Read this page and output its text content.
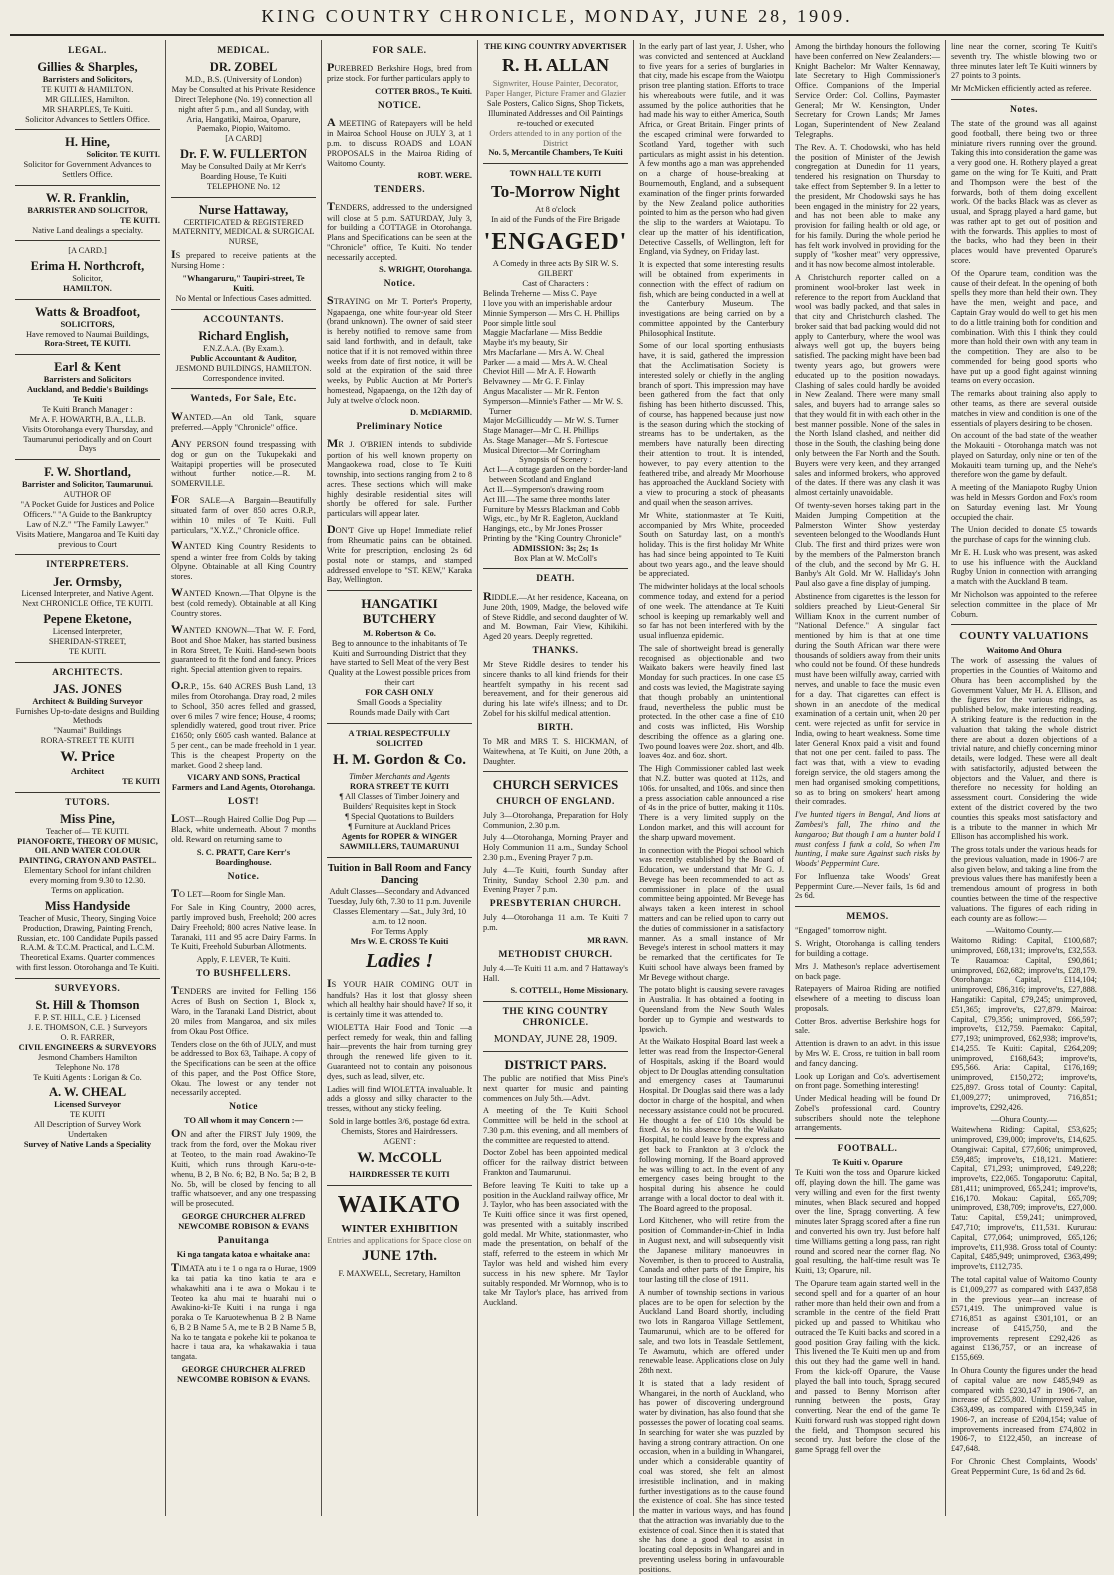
KING COUNTRY CHRONICLE, MONDAY, JUNE 28, 1909.
LEGAL.
Gillies & Sharples,
Barristers and Solicitors,
TE KUITI & HAMILTON.
MR GILLIES, Hamilton.
MR SHARPLES, Te Kuiti.
Solicitor Advances to Settlers Office.
H. Hine,
Solicitor. TE KUITI.
Solicitor for Government Advances to Settlers Office.
W. R. Franklin,
BARRISTER AND SOLICITOR,
TE KUITI.
Native Land dealings a specialty.
[A CARD.]
Erima H. Northcroft,
Solicitor,
HAMILTON.
Watts & Broadfoot,
SOLICITORS,
Have removed to Naumai Buildings,
Rora-Street, TE KUITI.
Earl & Kent
Barristers and Solicitors
Auckland, and Beddie's Buildings
Te Kuiti
Te Kuiti Branch Manager :
Mr A. F. HOWARTH, B.A., LL.B.
Visits Otorohanga every Thursday, and Taumarunui periodically and on Court Days
F. W. Shortland,
Barrister and Solicitor, Taumarunui.
AUTHOR OF
"A Pocket Guide for Justices and Police Officers." "A Guide to the Bankruptcy Law of N.Z." "The Family Lawyer."
Visits Matiere, Mangaroa and Te Kuiti day previous to Court
INTERPRETERS.
Jer. Ormsby,
Licensed Interpreter, and Native Agent.
Next CHRONICLE Office, TE KUITI.
Pepene Eketone,
Licensed Interpreter,
SHERIDAN-STREET,
TE KUITI.
ARCHITECTS.
JAS. JONES
Architect & Building Surveyor
Furnishes Up-to-date designs and Building Methods
"Naumai" Buildings
RORA-STREET TE KUITI
W. Price
Architect
TE KUITI
TUTORS.
Miss Pine,
Teacher of— TE KUITI.
PIANOFORTE, THEORY OF MUSIC, OIL AND WATER COLOUR PAINTING, CRAYON AND PASTEL.
Elementary School for infant children every morning from 9.30 to 12.30.
Terms on application.
Miss Handyside
Teacher of Music, Theory, Singing Voice Production, Drawing, Painting French, Russian, etc. 100 Candidate Pupils passed R.A.M. & T.C.M. Practical, and L.C.M. Theoretical Exams. Quarter commences with first lesson. Otorohanga and Te Kuiti.
SURVEYORS.
St. Hill & Thomson
F. P. ST. HILL, C.E. } Licensed
J. E. THOMSON, C.E. } Surveyors
O. R. FARRER,
CIVIL ENGINEERS & SURVEYORS
Jesmond Chambers Hamilton
Telephone No. 178
Te Kuiti Agents : Lorigan & Co.
A. W. CHEAL
Licensed Surveyor
TE KUITI
All Description of Survey Work Undertaken
Survey of Native Lands a Speciality
MEDICAL.
DR. ZOBEL
M.D., B.S. (University of London)
May be Consulted at his Private Residence
Direct Telephone (No. 19) connection all night after 5 p.m., and all Sunday, with Aria, Hangatiki, Mairoa, Oparure, Paemako, Piopio, Waitomo.
[A CARD]
Dr. F. W. FULLERTON
May be Consulted Daily at Mr Kerr's Boarding House, Te Kuiti
TELEPHONE No. 12
Nurse Hattaway,
CERTIFICATED & REGISTERED MATERNITY, MEDICAL & SURGICAL NURSE,
IS prepared to receive patients at the Nursing Home :
"Whangaruru," Taupiri-street, Te Kuiti.
No Mental or Infectious Cases admitted.
ACCOUNTANTS.
Richard English,
F.N.Z.A.A. (By Exam.).
Public Accountant & Auditor,
JESMOND BUILDINGS, HAMILTON.
Correspondence invited.
Wanteds, For Sale, Etc.
WANTED.—An old Tank, square preferred.—Apply "Chronicle" office.
ANY PERSON found trespassing with dog or gun on the Tukupekaki and Waitapipi properties will be prosecuted without further notice.—R. M. SOMERVILLE.
FOR SALE—A Bargain—Beautifully situated farm of over 850 acres O.R.P., within 10 miles of Te Kuiti. Full particulars, "X.Y.Z.," Chronicle office.
WANTED King Country Residents to spend a winter free from Colds by taking Olpyne. Obtainable at all King Country stores.
WANTED Known.—That Olpyne is the best (cold remedy). Obtainable at all King Country stores.
WANTED KNOWN—That W. F. Ford, Boot and Shoe Maker, has started business in Rora Street, Te Kuiti. Hand-sewn boots guaranteed to fit the fond and fancy. Prices right. Special attention given to repairs.
O.R.P., 15s. 640 ACRES Bush Land, 13 miles from Otorohanga. Dray road, 2 miles to School, 350 acres felled and grassed, over 6 miles 7 wire fence; House, 4 rooms; splendidly watered, good trout river. Price £1650; only £605 cash wanted. Balance at 5 per cent., can be made freehold in 1 year. This is the cheapest Property on the market. Good 2 sheep land.
VICARY AND SONS, Practical Farmers and Land Agents, Otorohanga.
LOST!
LOST—Rough Haired Collie Dog Pup —Black, white underneath. About 7 months old. Reward on returning same to
S. C. PRATT, Care Kerr's Boardinghouse.
Notice.
TO LET—Room for Single Man.
For Sale in King Country, 2000 acres, partly improved bush, Freehold; 200 acres Dairy Freehold; 800 acres Native lease. In Taranaki, 111 and 95 acre Dairy Farms. In Te Kuiti, Freehold Suburban Allotments.
Apply, F. LEVER, Te Kuiti.
TO BUSHFELLERS.
TENDERS are invited for Felling 156 Acres of Bush on Section 1, Block x, Waro, in the Taranaki Land District, about 20 miles from Mangaroa, and six miles from Okau Post Office.
Tenders close on the 6th of JULY, and must be addressed to Box 63, Taihape. A copy of the Specifications can be seen at the office of this paper, and the Post Office Store, Okau. The lowest or any tender not necessarily accepted.
Notice
TO All whom it may Concern :—
ON and after the FIRST July 1909, the track from the ford, over the Mokau river at Teoteo, to the main road Awakino-Te Kuiti, which runs through Karu-o-te-whenu, B 2, B No. 6; B2, B No. 5a; B 2, B No. 5b, will be closed by fencing to all traffic whatsoever, and any one trespassing will be prosecuted.
GEORGE CHURCHER ALFRED NEWCOMBE ROBISON & EVANS
Panuitanga
Ki nga tangata katoa e whaitake ana:
TIMATA atu i te 1 o nga ra o Hurae, 1909 ka tai patia ka tino katia te ara e whakawhiti ana i te awa o Mokau i te Teoteo ka ahu mai te huarahi nui o Awakino-ki-Te Kuiti i na runga i nga poraka o Te Karuotewhenua B 2 B Name 6, B 2 B Name 5 A, me te B 2 B Name 5 B, Na ko te tangata e pokehe kii te pokanoa te hacre i taua ara, ka whakawakia i taua tangata.
GEORGE CHURCHER ALFRED NEWCOMBE ROBISON & EVANS.
FOR SALE.
PUREBRED Berkshire Hogs, bred from prize stock. For further particulars apply to
COTTER BROS., Te Kuiti.
NOTICE.
A MEETING of Ratepayers will be held in Mairoa School House on JULY 3, at 1 p.m. to discuss ROADS and LOAN PROPOSALS in the Mairoa Riding of Waitomo County.
ROBT. WERE.
TENDERS.
TENDERS, addressed to the undersigned will close at 5 p.m. SATURDAY, July 3, for building a COTTAGE in Otorohanga. Plans and Specifications can be seen at the "Chronicle" office, Te Kuiti. No tender necessarily accepted.
S. WRIGHT, Otorohanga.
Notice.
STRAYING on Mr T. Porter's Property, Ngapaenga, one white four-year old Steer (brand unknown). The owner of said steer is hereby notified to remove same from said land forthwith, and in default, take notice that if it is not removed within three weeks from date of first notice, it will be sold at the expiration of the said three weeks, by Public Auction at Mr Porter's homestead, Ngapaenga, on the 12th day of July at twelve o'clock noon.
D. McDIARMID.
Preliminary Notice
MR J. O'BRIEN intends to subdivide portion of his well known property on Mangaokewa road, close to Te Kuiti township, into sections ranging from 2 to 8 acres. These sections which will make highly desirable residential sites will shortly be offered for sale. Further particulars will appear later.
DON'T Give up Hope! Immediate relief from Rheumatic pains can be obtained. Write for prescription, enclosing 2s 6d postal note or stamps, and stamped addressed envelope to "ST. KEW," Karaka Bay, Wellington.
HANGATIKI BUTCHERY
M. Robertson & Co.
Beg to announce to the inhabitants of Te Kuiti and Surrounding District that they have started to Sell Meat of the very Best Quality at the Lowest possible prices from their cart
FOR CASH ONLY
Small Goods a Speciality
Rounds made Daily with Cart
A TRIAL RESPECTFULLY SOLICITED
H. M. Gordon & Co.
Timber Merchants and Agents
RORA STREET TE KUITI
¶ All Classes of Timber Joinery and Builders' Requisites kept in Stock
¶ Special Quotations to Builders
¶ Furniture at Auckland Prices
Agents for ROPER & WINGER SAWMILLERS, TAUMARUNUI
Tuition in Ball Room and Fancy Dancing
Adult Classes—Secondary and Advanced Tuesday, July 6th, 7.30 to 11 p.m. Juvenile Classes Elementary —Sat., July 3rd, 10 a.m. to 12 noon.
For Terms Apply
Mrs W. E. CROSS Te Kuiti
Ladies !
IS YOUR HAIR COMING OUT in handfuls? Has it lost that glossy sheen which all healthy hair should have? If so, it is certainly time it was attended to.
WIOLETTA Hair Food and Tonic —a perfect remedy for weak, thin and falling hair—prevents the hair from turning grey through the renewed life given to it. Guaranteed not to contain any poisonous dyes, such as lead, silver, etc.
Ladies will find WIOLETTA invaluable. It adds a glossy and silky character to the tresses, without any sticky feeling.
Sold in large bottles 3/6, postage 6d extra. Chemists, Stores and Hairdressers.
AGENT :
W. McCOLL
HAIRDRESSER TE KUITI
WAIKATO
WINTER EXHIBITION
Entries and applications for Space close on
JUNE 17th.
F. MAXWELL, Secretary, Hamilton
THE KING COUNTRY ADVERTISER
R. H. ALLAN
Signwriter, House Painter, Decorator, Paper Hanger, Picture Framer and Glazier
Sale Posters, Calico Signs, Shop Tickets, Illuminated Addresses and Oil Paintings re-touched or executed
Orders attended to in any portion of the District
No. 5, Mercantile Chambers, Te Kuiti
TOWN HALL TE KUITI
To-Morrow Night
At 8 o'clock
In aid of the Funds of the Fire Brigade
'ENGAGED'
A Comedy in three acts By SIR W. S. GILBERT
Cast of Characters :
Belinda Treherne — Miss C. Paye
I love you with an imperishable ardour
Minnie Symperson — Mrs C. H. Phillips
Poor simple little soul
Maggie Macfarlane — Miss Beddie
Maybe it's my beauty, Sir
Mrs Macfarlane — Mrs A. W. Cheal
Parker — a maid — Mrs A. W. Cheal
Cheviot Hill — Mr A. F. Howarth
Belvawney — Mr G. F. Finlay
Angus Macalister — Mr R. Fenton
Symperson—Minnie's Father — Mr W. S. Turner
Major McGillicuddy — Mr W. S. Turner
Stage Manager—Mr C. H. Phillips
As. Stage Manager—Mr S. Fortescue
Musical Director—Mr Corringham
Synopsis of Scenery :
Act I—A cottage garden on the border-land between Scotland and England
Act II.—Symperson's drawing room
Act III.—The same three months later
Furniture by Messrs Blackman and Cobb
Wigs, etc., by Mr R. Eagleton, Auckland
Hangings, etc., by Mr Jones Prosser
Printing by the "King Country Chronicle"
ADMISSION: 3s; 2s; 1s
Box Plan at W. McColl's
DEATH.
RIDDLE.—At her residence, Kaceana, on June 20th, 1909, Madge, the beloved wife of Steve Riddle, and second daughter of W. and M. Bowman, Fair View, Kihikihi. Aged 20 years. Deeply regretted.
THANKS.
Mr Steve Riddle desires to tender his sincere thanks to all kind friends for their heartfelt sympathy in his recent sad bereavement, and for their generous aid during his late wife's illness; and to Dr. Zobel for his skilful medical attention.
BIRTH.
To MR and MRS T. S. HICKMAN, of Waitewhena, at Te Kuiti, on June 20th, a Daughter.
CHURCH SERVICES
CHURCH OF ENGLAND.
July 3—Otorohanga, Preparation for Holy Communion, 2.30 p.m.
July 4—Otorohanga, Morning Prayer and Holy Communion 11 a.m., Sunday School 2.30 p.m., Evening Prayer 7 p.m.
July 4—Te Kuiti, fourth Sunday after Trinity, Sunday School 2.30 p.m. and Evening Prayer 7 p.m.
PRESBYTERIAN CHURCH.
July 4—Otorohanga 11 a.m. Te Kuiti 7 p.m.
MR RAVN.
METHODIST CHURCH.
July 4.—Te Kuiti 11 a.m. and 7 Hattaway's Hall.
S. COTTELL, Home Missionary.
THE KING COUNTRY CHRONICLE.
MONDAY, JUNE 28, 1909.
DISTRICT PARS.
The public are notified that Miss Pine's next quarter for music and painting commences on July 5th.—Advt.
A meeting of the Te Kuiti School Committee will be held in the school at 7.30 p.m. this evening, and all members of the committee are requested to attend.
Doctor Zobel has been appointed medical officer for the railway district between Frankton and Taumarunui.
Before leaving Te Kuiti to take up a position in the Auckland railway office, Mr J. Taylor, who has been associated with the Te Kuiti office since it was first opened, was presented with a suitably inscribed gold medal. Mr White, stationmaster, who made the presentation, on behalf of the staff, referred to the esteem in which Mr Taylor was held and wished him every success in his new sphere. Mr Taylor suitably responded. Mr Wornnop, who is to take Mr Taylor's place, has arrived from Auckland.
In the early part of last year, J. Usher, who was convicted and sentenced at Auckland to five years for a series of burglaries in that city, made his escape from the Waiotpu prison tree planting station. Efforts to trace his whereabouts were futile, and it was assumed by the police authorities that he had made his way to either America, South Africa, or Great Britain. Finger prints of the escaped criminal were forwarded to Scotland Yard, together with such particulars as might assist in his detention. A few months ago a man was apprehended on a charge of house-breaking at Bournemouth, England, and a subsequent examination of the finger prints forwarded by the New Zealand police authorities pointed to him as the person who had given the slip to the warders at Waiotapu. To clear up the matter of his identification, Detective Cassells, of Wellington, left for England, via Sydney, on Friday last.
It is expected that some interesting results will be obtained from experiments in connection with the effect of radium on fish, which are being conducted in a well at the Canterbury Museum. The investigations are being carried on by a committee appointed by the Canterbury Philosophical Institute.
Some of our local sporting enthusiasts have, it is said, gathered the impression that the Acclimatisation Society is interested solely or chiefly in the angling branch of sport. This impression may have been gathered from the fact that only fishing has been hitherto discussed. This, of course, has happened because just now is the season during which the stocking of streams has to be undertaken, as the members have naturally been directing their attention to trout. It is intended, however, to pay every attention to the feathered tribe, and already Mr Moorhouse has approached the Auckland Society with a view to procuring a stock of pheasants and quail when the season arrives.
Mr White, stationmaster at Te Kuiti, accompanied by Mrs White, proceeded South on Saturday last, on a month's holiday. This is the first holiday Mr White has had since being appointed to Te Kuiti about two years ago., and the leave should be appreciated.
The midwinter holidays at the local schools commence today, and extend for a period of one week. The attendance at Te Kuiti school is keeping up remarkably well and so far has not been interfered with by the usual influenza epidemic.
The sale of shortweight bread is generally recognised as objectionable and two Waikato bakers were heavily fined last Monday for such practices. In one case £5 and costs was levied, the Magistrate saying that though probably an unintentional fraud, nevertheless the public must be protected. In the other case a fine of £10 and costs was inflicted, His Worship describing the offence as a glaring one. Two pound loaves were 2oz. short, and 4lb. loaves 4oz. and 6oz. short.
The High Commissioner cabled last week that N.Z. butter was quoted at 112s, and 106s. for unsalted, and 106s. and since then a press association cable announced a rise of 4s in the price of butter, making it 110s. There is a very limited supply on the London market, and this will account for the sharp upward movement.
In connection with the Piopoi school which was recently established by the Board of Education, we understand that Mr G. J. Bevege has been recommended to act as commissioner in place of the usual committee being appointed. Mr Bevege has always taken a keen interest in school matters and can be relied upon to carry out the duties of commissioner in a satisfactory manner. As a small instance of Mr Bevege's interest in school matters it may be remarked that the certificates for Te Kuiti school have always been framed by Mr Bevege without charge.
The potato blight is causing severe ravages in Australia. It has obtained a footing in Queensland from the New South Wales border up to Gympie and westwards to Ipswich.
At the Waikato Hospital Board last week a letter was read from the Inspector-General of Hospitals, asking if the Board would object to Dr Douglas attending consultation and emergency cases at Taumarunui Hospital. Dr Douglas said there was a lady doctor in charge of the hospital, and when necessary assistance could not be procured. He thought a fee of £10 10s should be fixed. As to his absence from the Waikato Hospital, he could leave by the express and get back to Frankton at 3 o'clock the following morning. If the Board approved he was willing to act. In the event of any emergency cases being brought to the hospital during his absence he could arrange with a local doctor to deal with it. The Board agreed to the proposal.
Lord Kitchener, who will retire from the position of Commander-in-Chief in India in August next, and will subsequently visit the Japanese military manoeuvres in November, is then to proceed to Australia, Canada and other parts of the Empire, his tour lasting till the close of 1911.
A number of township sections in various places are to be open for selection by the Auckland Land Board shortly, including two lots in Rangaroa Village Settlement, Taumarunui, which are to be offered for sale, and two lots in Teasdale Settlement, Te Awamutu, which are offered under renewable lease. Applications close on July 28th next.
It is stated that a lady resident of Whangarei, in the north of Auckland, who has power of discovering underground water by divination, has also found that she possesses the power of locating coal seams. In searching for water she was puzzled by having a strong contrary attraction. On one occasion, when in a building in Whangarei, under which a considerable quantity of coal was stored, she felt an almost irresistible inclination, and in making further investigations as to the cause found the existence of coal. She has since tested the matter in various ways, and has found that the attraction was invariably due to the existence of coal. Since then it is stated that she has done a good deal to assist in locating coal deposits in Whangarei and in preventing useless boring in unfavourable positions.
Among the birthday honours the following have been conferred on New Zealanders:—Knight Bachelor: Mr Walter Kennaway, late Secretary to High Commissioner's Office. Companions of the Imperial Service Order: Col. Collins, Paymaster General; Mr W. Kensington, Under Secretary for Crown Lands; Mr James Logan, Superintendent of New Zealand Telegraphs.
The Rev. A. T. Chodowski, who has held the position of Minister of the Jewish congregation at Dunedin for 11 years, tendered his resignation on Thursday to take effect from September 9. In a letter to the president, Mr Chodowski says he has been engaged in the ministry for 22 years, and has not been able to make any provision for failing health or old age, or for his family. During the whole period he has felt work involved in providing for the supply of "kosher meat" very oppressive, and it has now become almost intolerable.
A Christchurch reporter called on a prominent wool-broker last week in reference to the report from Auckland that wool was badly packed, and that sales in that city and Christchurch clashed. The broker said that bad packing would did not apply to Canterbury, where the wool was always well got up, the buyers being satisfied. The packing might have been bad twenty years ago, but growers were educated up to the position nowadays. Clashing of sales could hardly be avoided in New Zealand. There were many small sales, and buyers had to arrange sales so that they would fit in with each other in the best manner possible. None of the sales in the North Island clashed, and neither did those in the South, the clashing being done only between the Far North and the South. Buyers were very keen, and they arranged sales and informed brokers, who approved of the dates. If there was any clash it was almost certainly unavoidable.
Of twenty-seven horses taking part in the Maiden Jumping Competition at the Palmerston Winter Show yesterday seventeen belonged to the Woodlands Hunt Club. The first and third prizes were won by the members of the Palmerston branch of the club, and the second by Mr G. H. Banby's Alt Gold. Mr W. Halliday's John Paul also gave a fine display of jumping.
Abstinence from cigarettes is the lesson for soldiers preached by Lieut-General Sir William Knox in the current number of "National Defence." A singular fact mentioned by him is that at one time during the South African war there were thousands of soldiers away from their units who could not be found. Of these hundreds must have been wilfully away, carried with nerves, and unable to face the music even for a day. That cigarettes can effect is shown in an anecdote of the medical examination of a certain unit, when 20 per cent. were rejected as unfit for service in India, owing to heart weakness. Some time later General Knox paid a visit and found that not one per cent. failed to pass. The fact was that, with a view to evading foreign service, the old stagers among the men had organised smoking competitions, so as to bring on smokers' heart among their comrades.
I've hunted tigers in Bengal, And lions at Zambesi's fall, The rhino and the kangaroo; But though I am a hunter bold I must confess I funk a cold, So when I'm hunting, I make sure Against such risks by Woods' Peppermint Cure.
For Influenza take Woods' Great Peppermint Cure.—Never fails, 1s 6d and 2s 6d.
MEMOS.
"Engaged" tomorrow night.
S. Wright, Otorohanga is calling tenders for building a cottage.
Mrs J. Matheson's replace advertisement on back page.
Ratepayers of Mairoa Riding are notified elsewhere of a meeting to discuss loan proposals.
Cotter Bros. advertise Berkshire hogs for sale.
Attention is drawn to an advt. in this issue by Mrs W. E. Cross, re tuition in ball room and fancy dancing.
Look up Lorigan and Co's. advertisement on front page. Something interesting!
Under Medical heading will be found Dr Zobel's professional card. Country subscribers should note the telephone arrangements.
FOOTBALL.
Te Kuiti v. Oparure
Te Kuiti won the toss and Oparure kicked off, playing down the hill. The game was very willing and even for the first twenty minutes, when Black secured and hopped over the line, Spragg converting. A few minutes later Spragg scored after a fine run and converted his own try. Just before half time Williams getting a long pass, ran right round and scored near the corner flag. No goal resulting, the half-time result was Te Kuiti, 13; Oparure, nil.
The Oparure team again started well in the second spell and for a quarter of an hour rather more than held their own and from a scramble in the centre of the field Pratt picked up and passed to Whitikau who outraced the Te Kuiti backs and scored in a good position Gray failing with the kick. This livened the Te Kuiti men up and from this out they had the game well in hand. From the kick-off Oparure, the Vause played the ball into touch, Spragg secured and passed to Benny Morrison after running between the posts, Gray converting. Near the end of the game Te Kuiti forward rush was stopped right down the field, and Thompson secured his second try. Just before the close of the game Spragg fell over the
line near the corner, scoring Te Kuiti's seventh try. The whistle blowing two or three minutes later left Te Kuiti winners by 27 points to 3 points.
Mr McMicken efficiently acted as referee.
Notes.
The state of the ground was all against good football, there being two or three miniature rivers running over the ground. Taking this into consideration the game was a very good one. H. Rothery played a great game on the wing for Te Kuiti, and Pratt and Thompson were the best of the forwards, both of them doing excellent work. Of the backs Black was as clever as usual, and Spragg played a hard game, but was rather apt to get out of position and with the forwards. This applies to most of the backs, who had they been in their places would have prevented Oparure's score.
Of the Oparure team, condition was the cause of their defeat. In the opening of both spells they more than held their own. They have the men, weight and pace, and Captain Gray would do well to get his men to do a little training both for condition and combination. With this I think they could more than hold their own with any team in the competition. They are also to be commended for being good sports who have put up a good fight against winning teams on every occasion.
The remarks about training also apply to other teams, as there are several outside matches in view and condition is one of the essentials of players desiring to be chosen.
On account of the bad state of the weather the Mokauiti - Otorohanga match was not played on Saturday, only nine or ten of the Mokauiti team turning up, and the Nehe's therefore won the game by default.
A meeting of the Maniapoto Rugby Union was held in Messrs Gordon and Fox's room on Saturday evening last. Mr Young occupied the chair.
The Union decided to donate £5 towards the purchase of caps for the winning club.
Mr E. H. Lusk who was present, was asked to use his influence with the Auckland Rugby Union in connection with arranging a match with the Auckland B team.
Mr Nicholson was appointed to the referee selection committee in the place of Mr Coburn.
COUNTY VALUATIONS
Waitomo And Ohura
The work of assessing the values of properties in the Counties of Waitomo and Ohura has been accomplished by the Government Valuer, Mr H. A. Ellison, and the figures for the various ridings, as published below, make interesting reading. A striking feature is the reduction in the valuation that taking the whole district there are about a dozen objections of a trivial nature, and chiefly concerning minor details, were lodged. These were all dealt with satisfactorily, adjusted between the objectors and the Valuer, and there is therefore no necessity for holding an assessment court. Considering the wide extent of the district covered by the two counties this speaks most satisfactory and is a tribute to the manner in which Mr Ellison has accomplished his work.
The gross totals under the various heads for the previous valuation, made in 1906-7 are also given below, and taking a line from the previous values there has manifestly been a tremendous amount of progress in both counties between the time of the respective valuations. The figures of each riding in each county are as follow:—
—Waitomo County.—
Waitomo Riding: Capital, £100,687; unimproved, £68,131; improve'ts, £32,553. Te Rauamoa: Capital, £90,861; unimproved, £62,682; improve'ts, £28,179. Otorohanga: Capital, £114,104; unimproved, £86,316; improve'ts, £27,888. Hangatiki: Capital, £79,245; unimproved, £51,365; improve'ts, £27,879. Mairoa: Capital, £79,356; unimproved, £66,597; improve'ts, £12,759. Paemako: Capital, £77,193; unimproved, £62,938; improve'ts, £14,255. Te Kuiti: Capital, £264,209; unimproved, £168,643; improve'ts, £95,566. Aria: Capital, £176,169; unimproved, £150,272; improve'ts, £25,897. Gross total of County: Capital, £1,009,277; unimproved, 716,851; improve'ts, £292,426.
—Ohura County.—
Waitewhena Riding: Capital, £53,625; unimproved, £39,000; improve'ts, £14,625. Otangiwai: Capital, £77,606; unimproved, £59,485; improve'ts, £18,121. Matiere: Capital, £71,293; unimproved, £49,228; improve'ts, £22,065. Tongaporutu: Capital, £81,411; unimproved, £65,241; improve'ts, £16,170. Mokau: Capital, £65,709; unimproved, £38,709; improve'ts, £27,000. Tatu: Capital, £59,241; unimproved, £47,710; improve'ts, £11,531. Kururau: Capital, £77,064; unimproved, £65,126; improve'ts, £11,938. Gross total of County: Capital, £485,949; unimproved, £363,499; improve'ts, £112,735.
The total capital value of Waitomo County is £1,009,277 as compared with £437,858 in the previous year—an increase of £571,419. The unimproved value is £716,851 as against £301,101, or an increase of £415,750, and the improvements represent £292,426 as against £136,757, or an increase of £155,669.
In Ohura County the figures under the head of capital value are now £485,949 as compared with £230,147 in 1906-7, an increase of £255,802. Unimproved value, £363,499, as compared with £159,345 in 1906-7, an increase of £204,154; value of improvements increased from £74,802 in 1906-7, to £122,450, an increase of £47,648.
For Chronic Chest Complaints, Woods' Great Peppermint Cure, 1s 6d and 2s 6d.
